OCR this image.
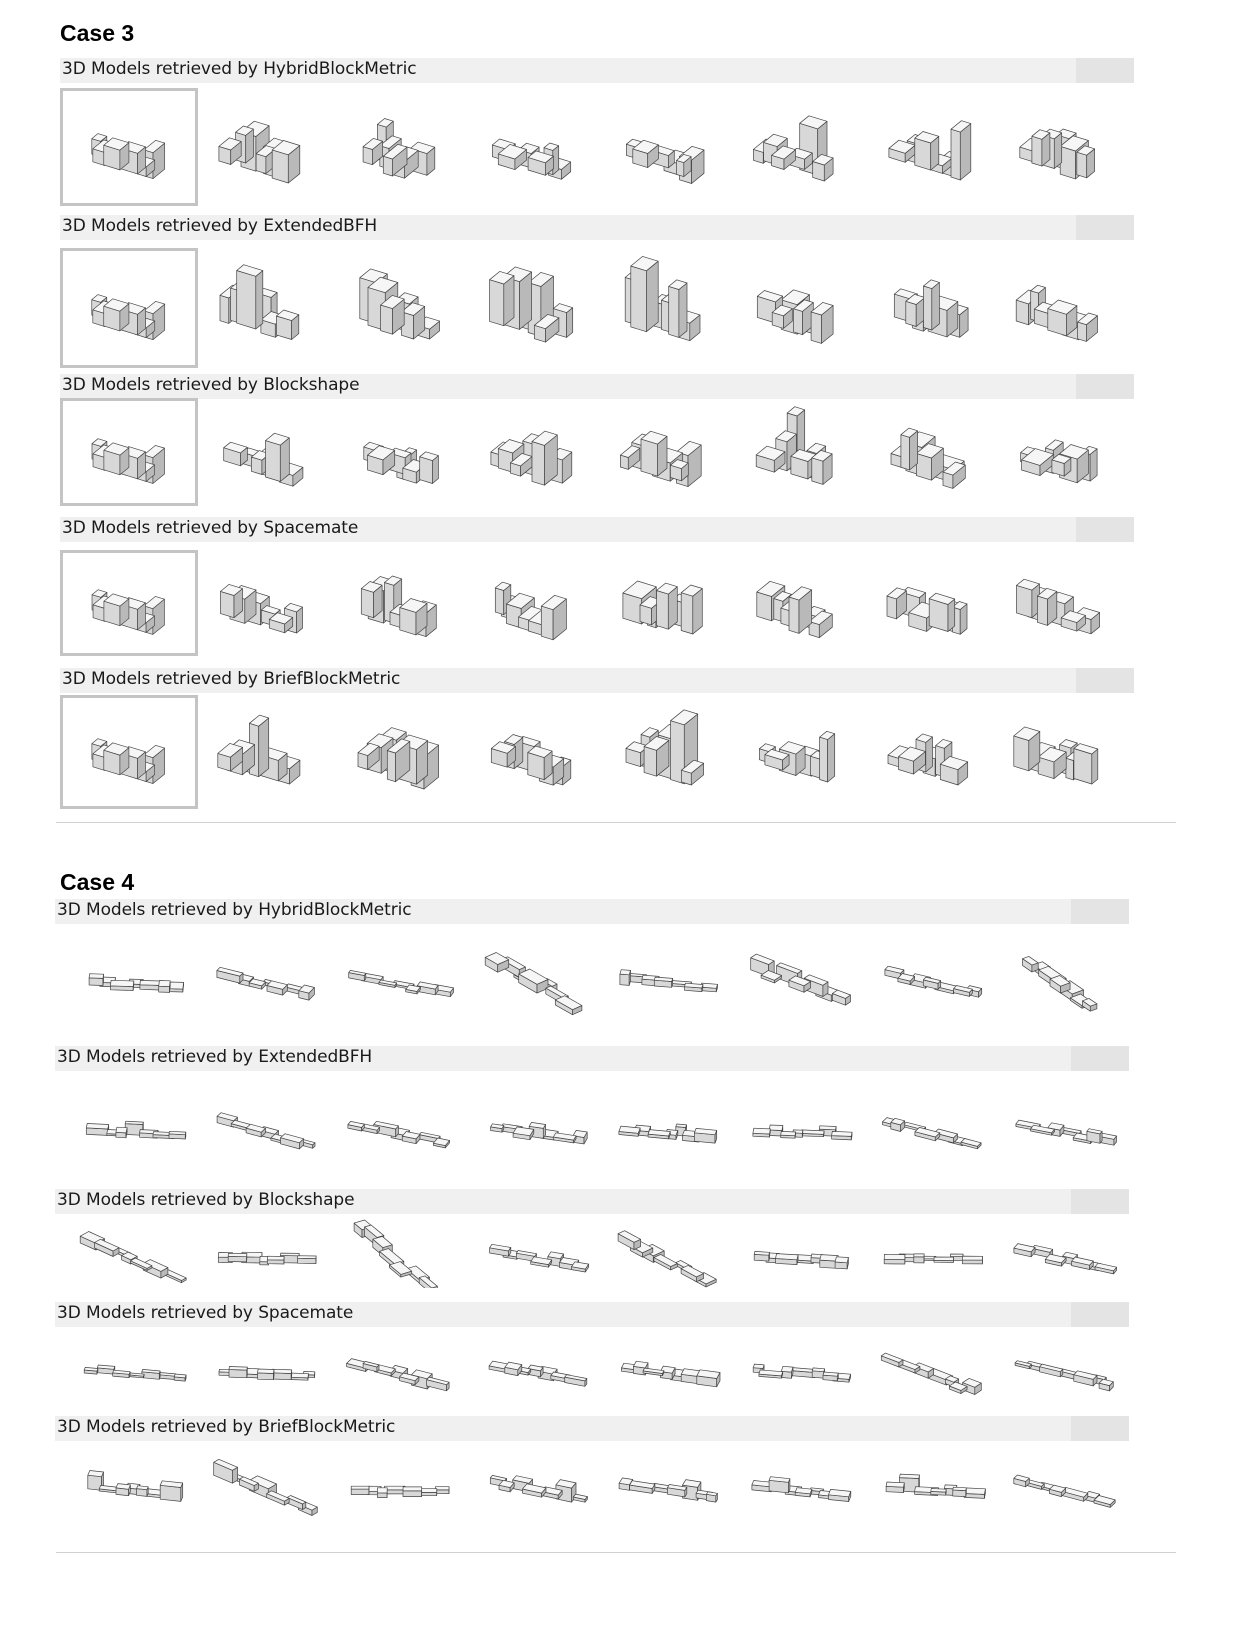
Case 3
3D Models retrieved by HybridBlockMetric
3D Models retrieved by ExtendedBFH
3D Models retrieved by Blockshape
3D Models retrieved by Spacemate
3D Models retrieved by BriefBlockMetric
Case 4
3D Models retrieved by HybridBlockMetric
3D Models retrieved by ExtendedBFH
3D Models retrieved by Blockshape
3D Models retrieved by Spacemate
3D Models retrieved by BriefBlockMetric
